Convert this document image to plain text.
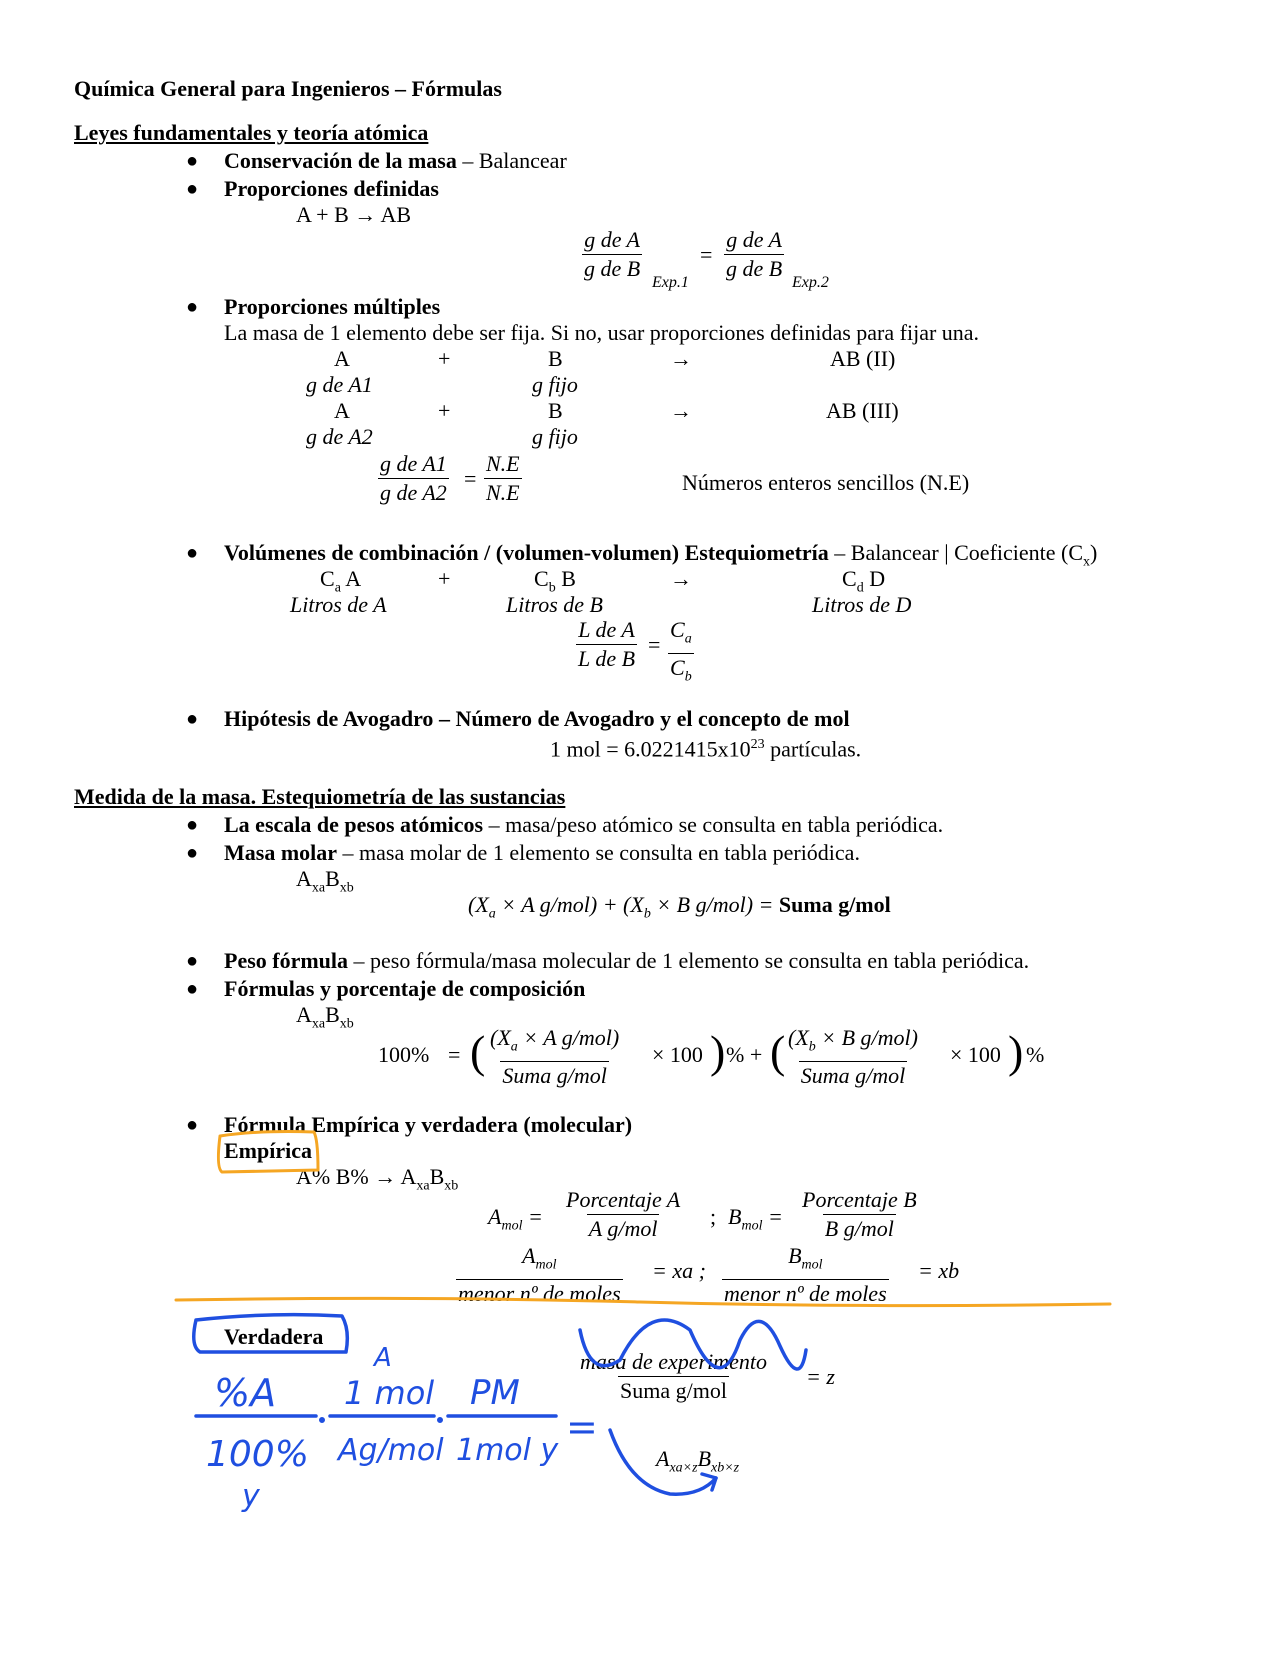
Química General para Ingenieros – Fórmulas
Leyes fundamentales y teoría atómica
● Conservación de la masa – Balancear
● Proporciones definidas
A + B → AB
$\frac{\text{g de A}}{\text{g de B}} Exp.1$
= $\frac{\text{g de A}}{\text{g de B}} Exp.2$
● Proporciones múltiples
La masa de 1 elemento debe ser fija. Si no, usar proporciones definidas para fijar una.
A	+	B	→	AB (II)
g de A1	g fijo
A	+	B	→	AB (III)
g de A2	g fijo
$\frac{\text{g de A1}}{\text{g de A2}} = \frac{N.E}{N.E}$	Números enteros sencillos (N.E)
● Volúmenes de combinación / (volumen-volumen) Estequiometría – Balancear | Coeficiente $(C_x)$
$C_a$ A	+	$C_b$ B	→	$C_d$ D
Litros de A	Litros de B	Litros de D
$\frac{\text{L de A}}{\text{L de B}} = \frac{C_a}{C_b}$
● Hipótesis de Avogadro – Número de Avogadro y el concepto de mol
1 mol = $6.0221415x10^{23}$ partículas.
Medida de la masa. Estequiometría de las sustancias
● La escala de pesos atómicos – masa/peso atómico se consulta en tabla periódica.
● Masa molar – masa molar de 1 elemento se consulta en tabla periódica.
$A_{xa}B_{xb}$
($X_a \times A$ $g/mol) + (X_b \times B$ g/mol) = Suma g/mol
● Peso fórmula – peso fórmula/masa molecular de 1 elemento se consulta en tabla periódica.
● Fórmulas y porcentaje de composición
$A_{xa}B_{xb}$
100% = ( ($X_a \times A$ g/mol)
Suma g/mol
× 100 ) % + ( ($X_b \times B$ g/mol)
Suma g/mol
× 100 ) %
● Fórmula Empírica y verdadera (molecular)
Empírica
A% $B\% \to A_{xa}B_{xb}$
$A_{mol}$ =
Porcentaje A
A g/mol ; $B_{mol}$ =
Porcentaje B
B g/mol
$A_{mol}$
menor nº de moles
= xa ;
$B_{mol}$
menor nº de moles
= xb
Verdadera
masa de experimento
Suma g/mol
= z
$A_{xa\times z}B_{xb\times z}$
%A
100%
y
A
1 mol
Ag/mol
PM
1mol y
=
